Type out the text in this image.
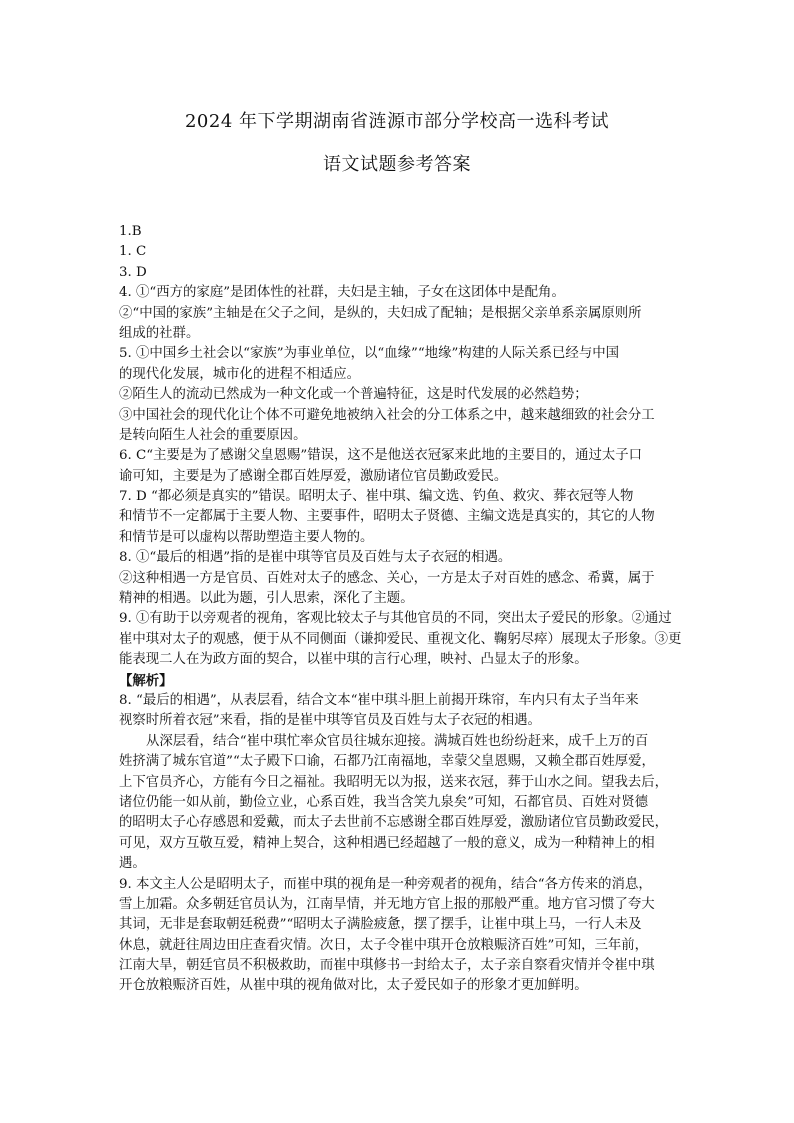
2024 年下学期湖南省涟源市部分学校高一选科考试
语文试题参考答案
1.B
1. C
3. D
4. ①“西方的家庭”是团体性的社群，夫妇是主轴，子女在这团体中是配角。
②“中国的家族”主轴是在父子之间，是纵的，夫妇成了配轴；是根据父亲单系亲属原则所
组成的社群。
5. ①中国乡土社会以“家族”为事业单位，以“血缘”“地缘”构建的人际关系已经与中国
的现代化发展，城市化的进程不相适应。
②陌生人的流动已然成为一种文化或一个普遍特征，这是时代发展的必然趋势；
③中国社会的现代化让个体不可避免地被纳入社会的分工体系之中，越来越细致的社会分工
是转向陌生人社会的重要原因。
6. C“主要是为了感谢父皇恩赐”错误，这不是他送衣冠冢来此地的主要目的，通过太子口
谕可知，主要是为了感谢全郡百姓厚爱，激励诸位官员勤政爱民。
7. D “都必须是真实的”错误。昭明太子、崔中琪、编文选、钓鱼、救灾、葬衣冠等人物
和情节不一定都属于主要人物、主要事件，昭明太子贤德、主编文选是真实的，其它的人物
和情节是可以虚构以帮助塑造主要人物的。
8. ①“最后的相遇”指的是崔中琪等官员及百姓与太子衣冠的相遇。
②这种相遇一方是官员、百姓对太子的感念、关心，一方是太子对百姓的感念、希冀，属于
精神的相遇。以此为题，引人思索，深化了主题。
9. ①有助于以旁观者的视角，客观比较太子与其他官员的不同，突出太子爱民的形象。②通过
崔中琪对太子的观感，便于从不同侧面（谦抑爱民、重视文化、鞠躬尽瘁）展现太子形象。③更
能表现二人在为政方面的契合，以崔中琪的言行心理，映衬、凸显太子的形象。
【解析】
8. “最后的相遇”，从表层看，结合文本“崔中琪斗胆上前揭开珠帘，车内只有太子当年来
视察时所着衣冠”来看，指的是崔中琪等官员及百姓与太子衣冠的相遇。
从深层看，结合“崔中琪忙率众官员往城东迎接。满城百姓也纷纷赶来，成千上万的百
姓挤满了城东官道”“太子殿下口谕，石都乃江南福地，幸蒙父皇恩赐，又赖全郡百姓厚爱，
上下官员齐心，方能有今日之福祉。我昭明无以为报，送来衣冠，葬于山水之间。望我去后，
诸位仍能一如从前，勤俭立业，心系百姓，我当含笑九泉矣”可知，石都官员、百姓对贤德
的昭明太子心存感恩和爱戴，而太子去世前不忘感谢全郡百姓厚爱，激励诸位官员勤政爱民，
可见，双方互敬互爱，精神上契合，这种相遇已经超越了一般的意义，成为一种精神上的相
遇。
9. 本文主人公是昭明太子，而崔中琪的视角是一种旁观者的视角，结合“各方传来的消息，
雪上加霜。众多朝廷官员认为，江南旱情，并无地方官上报的那般严重。地方官习惯了夸大
其词，无非是套取朝廷税费”“昭明太子满脸疲惫，摆了摆手，让崔中琪上马，一行人未及
休息，就赶往周边田庄查看灾情。次日，太子令崔中琪开仓放粮赈济百姓”可知，三年前，
江南大旱，朝廷官员不积极救助，而崔中琪修书一封给太子，太子亲自察看灾情并令崔中琪
开仓放粮赈济百姓，从崔中琪的视角做对比，太子爱民如子的形象才更加鲜明。
